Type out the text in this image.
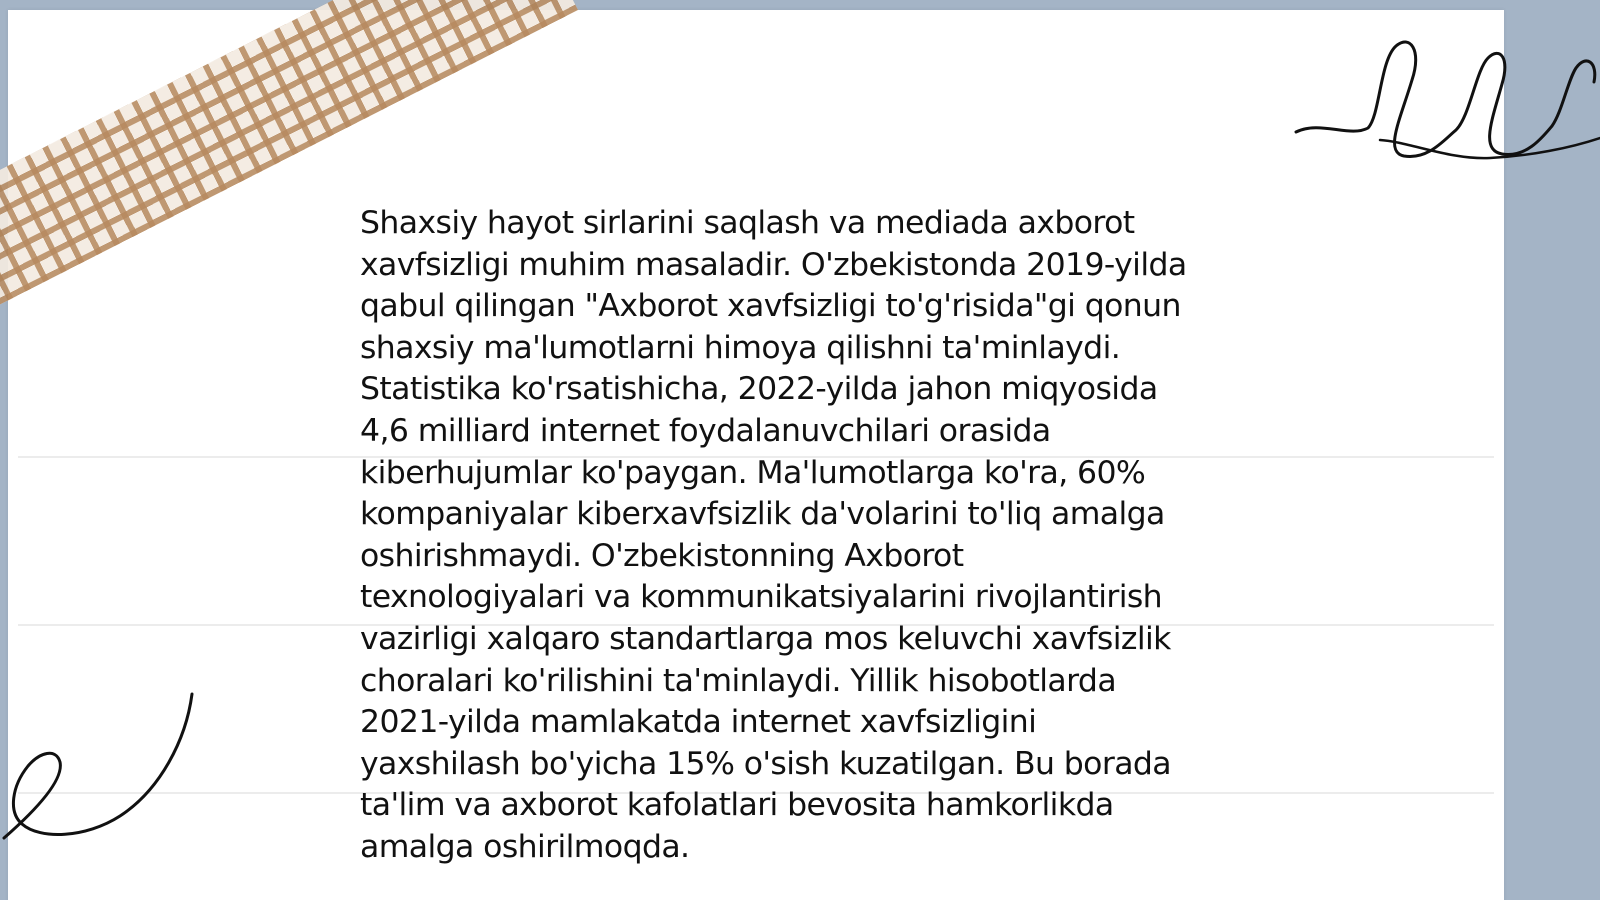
Shaxsiy hayot sirlarini saqlash va mediada axborot
xavfsizligi muhim masaladir. O'zbekistonda 2019-yilda
qabul qilingan "Axborot xavfsizligi to'g'risida"gi qonun
shaxsiy ma'lumotlarni himoya qilishni ta'minlaydi.
Statistika ko'rsatishicha, 2022-yilda jahon miqyosida
4,6 milliard internet foydalanuvchilari orasida
kiberhujumlar ko'paygan. Ma'lumotlarga ko'ra, 60%
kompaniyalar kiberxavfsizlik da'volarini to'liq amalga
oshirishmaydi. O'zbekistonning Axborot
texnologiyalari va kommunikatsiyalarini rivojlantirish
vazirligi xalqaro standartlarga mos keluvchi xavfsizlik
choralari ko'rilishini ta'minlaydi. Yillik hisobotlarda
2021-yilda mamlakatda internet xavfsizligini
yaxshilash bo'yicha 15% o'sish kuzatilgan. Bu borada
ta'lim va axborot kafolatlari bevosita hamkorlikda
amalga oshirilmoqda.
